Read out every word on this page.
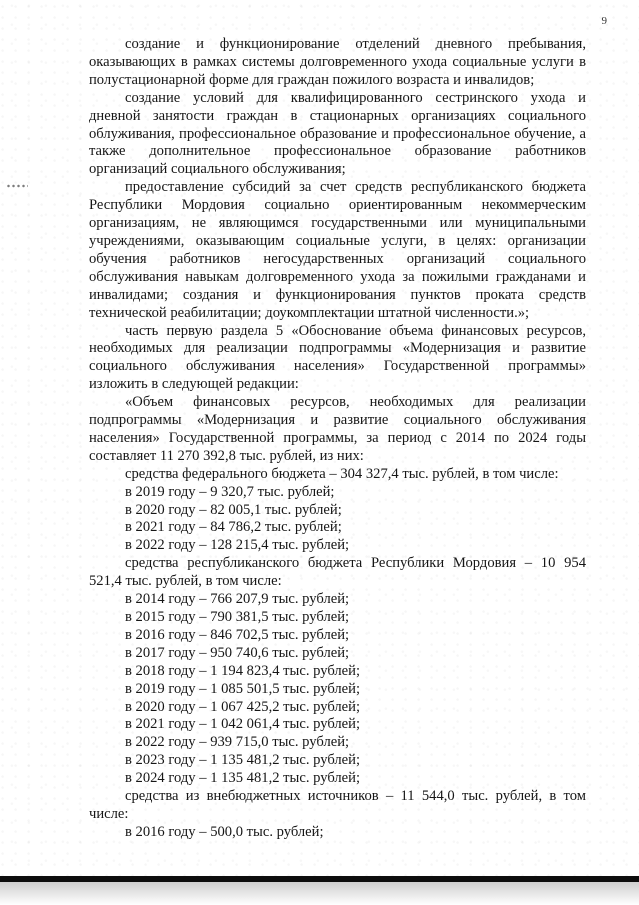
9

создание и функционирование отделений дневного пребывания, оказывающих в рамках системы долговременного ухода социальные услуги в полустационарной форме для граждан пожилого возраста и инвалидов;

создание условий для квалифицированного сестринского ухода и дневной занятости граждан в стационарных организациях социального облуживания, профессиональное образование и профессиональное обучение, а также дополнительное профессиональное образование работников организаций социального обслуживания;

предоставление субсидий за счет средств республиканского бюджета Республики Мордовия социально ориентированным некоммерческим организациям, не являющимся государственными или муниципальными учреждениями, оказывающим социальные услуги, в целях: организации обучения работников негосударственных организаций социального обслуживания навыкам долговременного ухода за пожилыми гражданами и инвалидами; создания и функционирования пунктов проката средств технической реабилитации; доукомплектации штатной численности.»;

часть первую раздела 5 «Обоснование объема финансовых ресурсов, необходимых для реализации подпрограммы «Модернизация и развитие социального обслуживания населения» Государственной программы» изложить в следующей редакции:

«Объем финансовых ресурсов, необходимых для реализации подпрограммы «Модернизация и развитие социального обслуживания населения» Государственной программы, за период с 2014 по 2024 годы составляет 11 270 392,8 тыс. рублей, из них:

средства федерального бюджета – 304 327,4 тыс. рублей, в том числе:

в 2019 году – 9 320,7 тыс. рублей;

в 2020 году – 82 005,1 тыс. рублей;

в 2021 году – 84 786,2 тыс. рублей;

в 2022 году – 128 215,4 тыс. рублей;

средства республиканского бюджета Республики Мордовия – 10 954 521,4 тыс. рублей, в том числе:

в 2014 году – 766 207,9 тыс. рублей;

в 2015 году – 790 381,5 тыс. рублей;

в 2016 году – 846 702,5 тыс. рублей;

в 2017 году – 950 740,6 тыс. рублей;

в 2018 году – 1 194 823,4 тыс. рублей;

в 2019 году – 1 085 501,5 тыс. рублей;

в 2020 году – 1 067 425,2 тыс. рублей;

в 2021 году – 1 042 061,4 тыс. рублей;

в 2022 году – 939 715,0 тыс. рублей;

в 2023 году – 1 135 481,2 тыс. рублей;

в 2024 году – 1 135 481,2 тыс. рублей;

средства из внебюджетных источников – 11 544,0 тыс. рублей, в том числе:

в 2016 году – 500,0 тыс. рублей;
